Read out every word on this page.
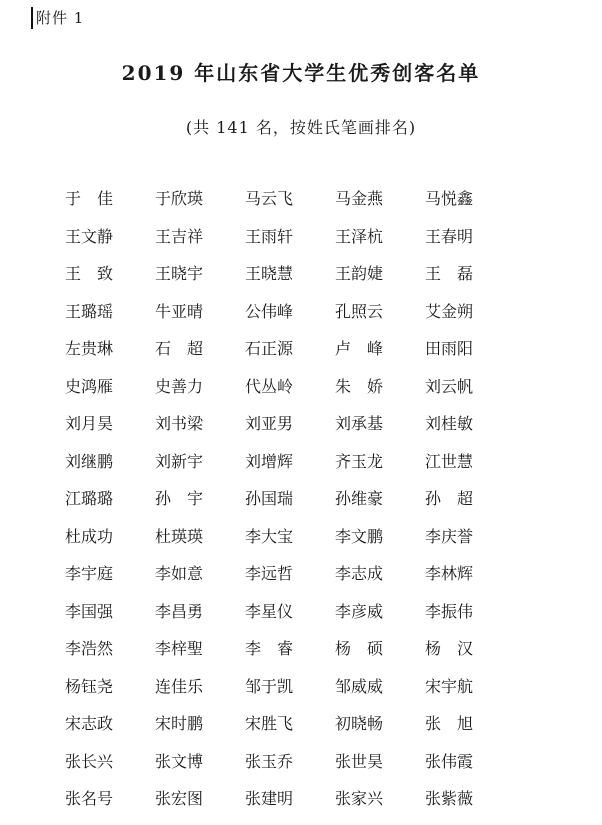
附件 1
2019 年山东省大学生优秀创客名单
(共 141 名，按姓氏笔画排名)
于　佳	于欣瑛	马云飞	马金燕	马悦鑫
王文静	王吉祥	王雨轩	王泽杭	王春明
王　致	王晓宇	王晓慧	王韵婕	王　磊
王璐瑶	牛亚晴	公伟峰	孔照云	艾金朔
左贵琳	石　超	石正源	卢　峰	田雨阳
史鸿雁	史善力	代丛岭	朱　娇	刘云帆
刘月昊	刘书梁	刘亚男	刘承基	刘桂敏
刘继鹏	刘新宇	刘增辉	齐玉龙	江世慧
江璐璐	孙　宇	孙国瑞	孙维豪	孙　超
杜成功	杜瑛瑛	李大宝	李文鹏	李庆誉
李宇庭	李如意	李远哲	李志成	李林辉
李国强	李昌勇	李星仪	李彦威	李振伟
李浩然	李梓聖	李　睿	杨　硕	杨　汉
杨钰尧	连佳乐	邹于凯	邹威威	宋宇航
宋志政	宋时鹏	宋胜飞	初晓畅	张　旭
张长兴	张文博	张玉乔	张世昊	张伟霞
张名号	张宏图	张建明	张家兴	张紫薇
